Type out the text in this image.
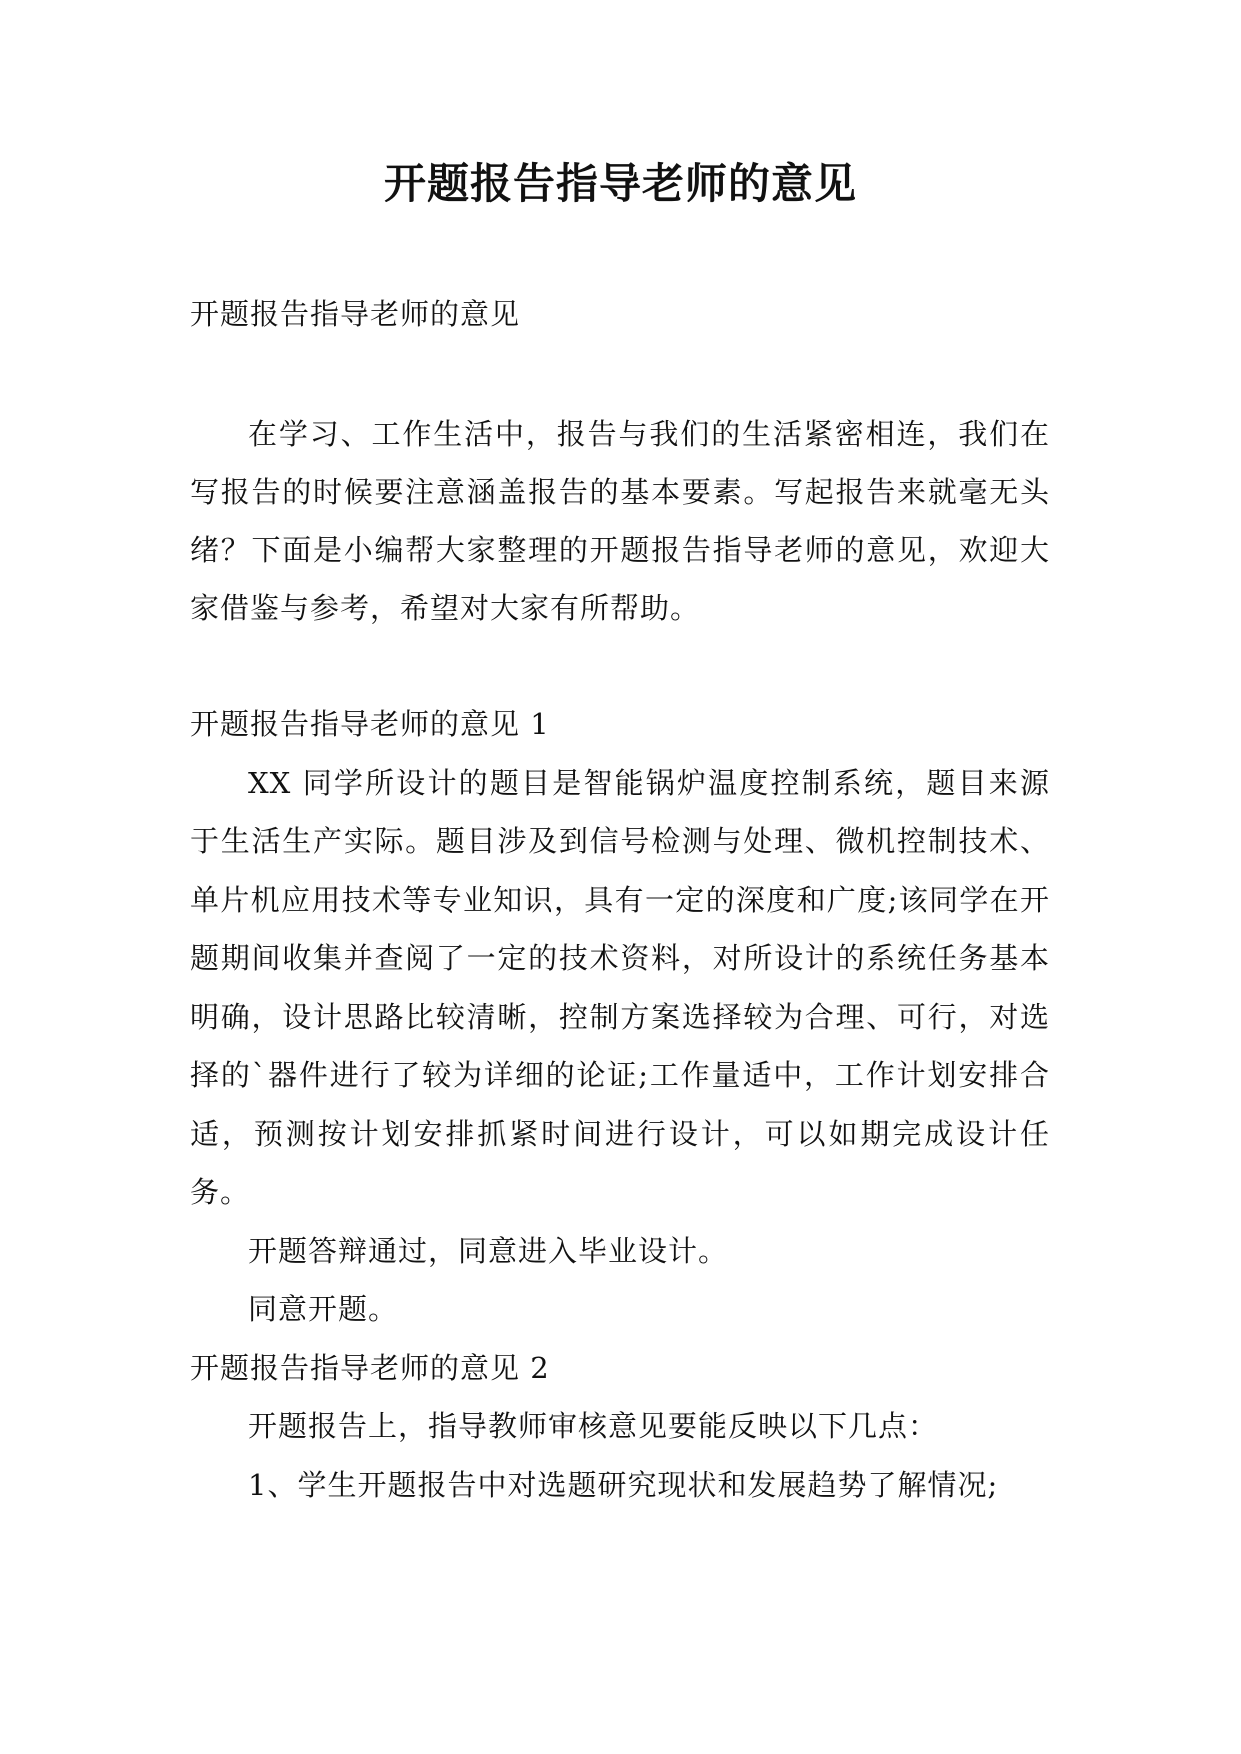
开题报告指导老师的意见

开题报告指导老师的意见

在学习、工作生活中，报告与我们的生活紧密相连，我们在写报告的时候要注意涵盖报告的基本要素。写起报告来就毫无头绪？下面是小编帮大家整理的开题报告指导老师的意见，欢迎大家借鉴与参考，希望对大家有所帮助。

开题报告指导老师的意见 1

XX 同学所设计的题目是智能锅炉温度控制系统，题目来源于生活生产实际。题目涉及到信号检测与处理、微机控制技术、单片机应用技术等专业知识，具有一定的深度和广度;该同学在开题期间收集并查阅了一定的技术资料，对所设计的系统任务基本明确，设计思路比较清晰，控制方案选择较为合理、可行，对选择的`器件进行了较为详细的论证;工作量适中，工作计划安排合适，预测按计划安排抓紧时间进行设计，可以如期完成设计任务。

开题答辩通过，同意进入毕业设计。

同意开题。

开题报告指导老师的意见 2

开题报告上，指导教师审核意见要能反映以下几点：

1、学生开题报告中对选题研究现状和发展趋势了解情况;
